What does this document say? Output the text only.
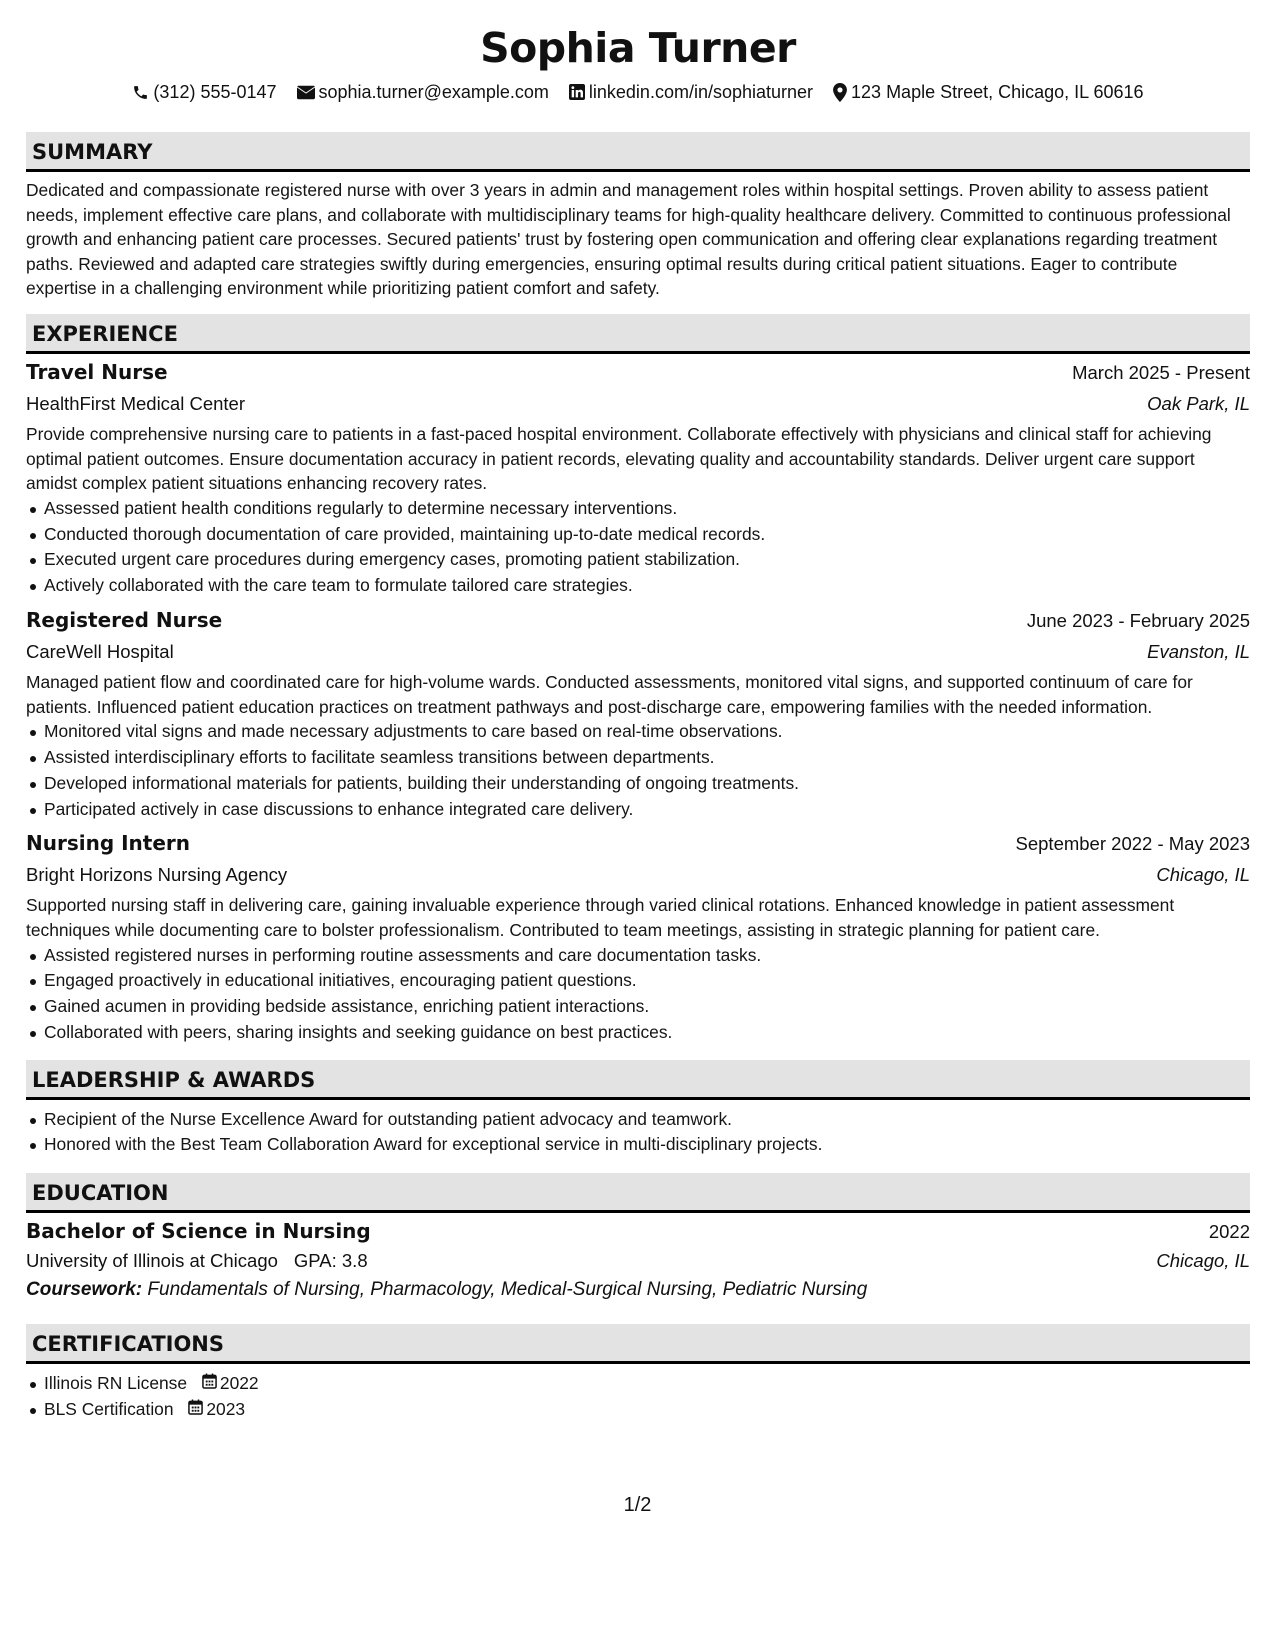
Sophia Turner
(312) 555-0147 sophia.turner@example.com linkedin.com/in/sophiaturner 123 Maple Street, Chicago, IL 60616
SUMMARY

Dedicated and compassionate registered nurse with over 3 years in admin and management roles within hospital settings. Proven ability to assess patient needs, implement effective care plans, and collaborate with multidisciplinary teams for high-quality healthcare delivery. Committed to continuous professional growth and enhancing patient care processes. Secured patients' trust by fostering open communication and offering clear explanations regarding treatment paths. Reviewed and adapted care strategies swiftly during emergencies, ensuring optimal results during critical patient situations. Eager to contribute expertise in a challenging environment while prioritizing patient comfort and safety.

EXPERIENCE
Travel Nurse	March 2025 - Present
HealthFirst Medical Center	Oak Park, IL

Provide comprehensive nursing care to patients in a fast-paced hospital environment. Collaborate effectively with physicians and clinical staff for achieving optimal patient outcomes. Ensure documentation accuracy in patient records, elevating quality and accountability standards. Deliver urgent care support amidst complex patient situations enhancing recovery rates.

Assessed patient health conditions regularly to determine necessary interventions.
Conducted thorough documentation of care provided, maintaining up-to-date medical records.
Executed urgent care procedures during emergency cases, promoting patient stabilization.
Actively collaborated with the care team to formulate tailored care strategies.
Registered Nurse	June 2023 - February 2025
CareWell Hospital	Evanston, IL

Managed patient flow and coordinated care for high-volume wards. Conducted assessments, monitored vital signs, and supported continuum of care for patients. Influenced patient education practices on treatment pathways and post-discharge care, empowering families with the needed information.

Monitored vital signs and made necessary adjustments to care based on real-time observations.
Assisted interdisciplinary efforts to facilitate seamless transitions between departments.
Developed informational materials for patients, building their understanding of ongoing treatments.
Participated actively in case discussions to enhance integrated care delivery.
Nursing Intern	September 2022 - May 2023
Bright Horizons Nursing Agency	Chicago, IL

Supported nursing staff in delivering care, gaining invaluable experience through varied clinical rotations. Enhanced knowledge in patient assessment techniques while documenting care to bolster professionalism. Contributed to team meetings, assisting in strategic planning for patient care.

Assisted registered nurses in performing routine assessments and care documentation tasks.
Engaged proactively in educational initiatives, encouraging patient questions.
Gained acumen in providing bedside assistance, enriching patient interactions.
Collaborated with peers, sharing insights and seeking guidance on best practices.
LEADERSHIP & AWARDS
Recipient of the Nurse Excellence Award for outstanding patient advocacy and teamwork.
Honored with the Best Team Collaboration Award for exceptional service in multi-disciplinary projects.
EDUCATION
Bachelor of Science in Nursing	2022
University of Illinois at Chicago GPA: 3.8	Chicago, IL
Coursework: Fundamentals of Nursing, Pharmacology, Medical-Surgical Nursing, Pediatric Nursing
CERTIFICATIONS
Illinois RN License 2022
BLS Certification 2023
1/2
